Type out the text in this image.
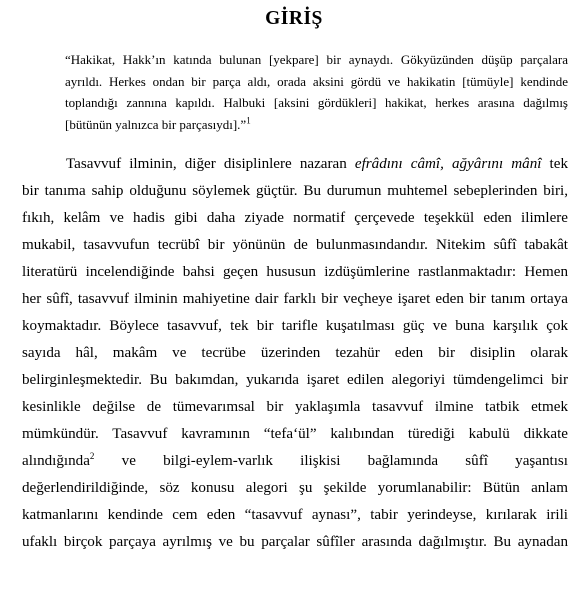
GİRİŞ
“Hakikat, Hakk’ın katında bulunan [yekpare] bir aynaydı. Gökyüzünden düşüp parçalara
ayrıldı. Herkes ondan bir parça aldı, orada aksini gördü ve hakikatin [tümüyle] kendinde
toplandığı zannına kapıldı. Halbuki [aksini gördükleri] hakikat, herkes arasına dağılmış
[bütünün yalnızca bir parçasıydı].”$^1$
Tasavvuf ilminin, diğer disiplinlere nazaran efrâdını câmî, ağyârını mânî tek
bir tanıma sahip olduğunu söylemek güçtür. Bu durumun muhtemel sebeplerinden biri,
fıkıh, kelâm ve hadis gibi daha ziyade normatif çerçevede teşekkül eden ilimlere
mukabil, tasavvufun tecrübî bir yönünün de bulunmasındandır. Nitekim sûfî tabakât
literatürü incelendiğinde bahsi geçen hususun izdüşümlerine rastlanmaktadır: Hemen
her sûfî, tasavvuf ilminin mahiyetine dair farklı bir veçheye işaret eden bir tanım ortaya
koymaktadır. Böylece tasavvuf, tek bir tarifle kuşatılması güç ve buna karşılık çok
sayıda hâl, makâm ve tecrübe üzerinden tezahür eden bir disiplin olarak
belirginleşmektedir. Bu bakımdan, yukarıda işaret edilen alegoriyi tümdengelimci bir
kesinlikle değilse de tümevarımsal bir yaklaşımla tasavvuf ilmine tatbik etmek
mümkündür. Tasavvuf kavramının “tefa‘ül” kalıbından türediği kabulü dikkate
alındığında$^2$ ve bilgi-eylem-varlık ilişkisi bağlamında sûfî yaşantısı
değerlendirildiğinde, söz konusu alegori şu şekilde yorumlanabilir: Bütün anlam
katmanlarını kendinde cem eden “tasavvuf aynası”, tabir yerindeyse, kırılarak irili
ufaklı birçok parçaya ayrılmış ve bu parçalar sûfîler arasında dağılmıştır. Bu aynadan
